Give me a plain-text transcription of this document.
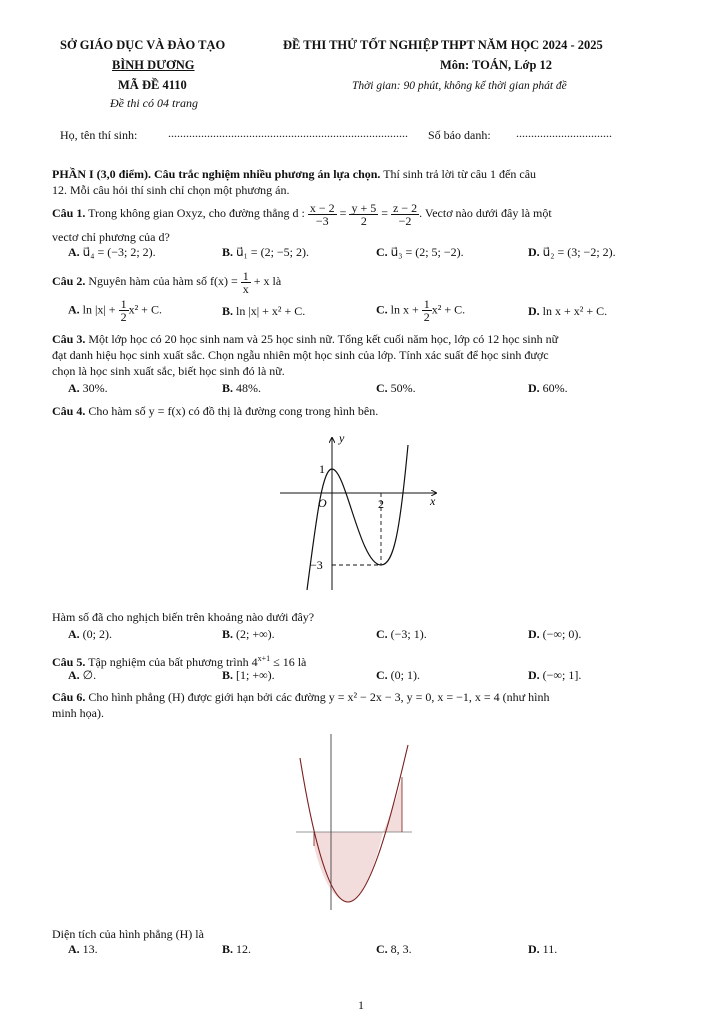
SỞ GIÁO DỤC VÀ ĐÀO TẠO
BÌNH DƯƠNG
MÃ ĐỀ 4110
Đề thi có 04 trang
ĐỀ THI THỬ TỐT NGHIỆP THPT NĂM HỌC 2024 - 2025
Môn: TOÁN, Lớp 12
Thời gian: 90 phút, không kể thời gian phát đề
Họ, tên thí sinh:	................................................................................	Số báo danh: ................................
PHẦN I (3,0 điểm). Câu trắc nghiệm nhiều phương án lựa chọn. Thí sinh trả lời từ câu 1 đến câu
12. Mỗi câu hỏi thí sinh chỉ chọn một phương án.
Câu 1. Trong không gian Oxyz, cho đường thẳng d : $\frac{x - 2}{-3} = \frac{y + 5}{2} = \frac{z - 2}{-2}$ . Vectơ nào dưới đây là một
vectơ chỉ phương của d?
A. u⃗₄ = (−3; 2; 2).	B. u⃗₁ = (2; −5; 2).	C. u⃗₃ = (2; 5; −2).	D. u⃗₂ = (3; −2; 2).
Câu 2. Nguyên hàm của hàm số $f(x) = \frac{1}{x} + x$ là
A. $\ln |x| + \frac{1}{2} x^2 + C$.	B. ln |x| + x² + C.	C. $\ln x + \frac{1}{2} x^2 + C$.	D. ln x + x² + C.
Câu 3. Một lớp học có 20 học sinh nam và 25 học sinh nữ. Tổng kết cuối năm học, lớp có 12 học sinh nữ
đạt danh hiệu học sinh xuất sắc. Chọn ngẫu nhiên một học sinh của lớp. Tính xác suất để học sinh được
chọn là học sinh xuất sắc, biết học sinh đó là nữ.
A. 30%.	B. 48%.	C. 50%.	D. 60%.
Câu 4. Cho hàm số y = f(x) có đồ thị là đường cong trong hình bên.
y
x
O
1
2
−3
Hàm số đã cho nghịch biến trên khoảng nào dưới đây?
A. (0; 2).	B. (2; +∞).	C. (−3; 1).	D. (−∞; 0).
Câu 5. Tập nghiệm của bất phương trình $4^{x+1} \le 16$ là
A. ∅.	B. [1; +∞).	C. (0; 1).	D. (−∞; 1].
Câu 6. Cho hình phẳng (H) được giới hạn bởi các đường y = x² − 2x − 3, y = 0, x = −1, x = 4 (như hình
minh họa).
Diện tích của hình phẳng (H) là
A. 13.	B. 12.	C. 8, 3.	D. 11.
1
